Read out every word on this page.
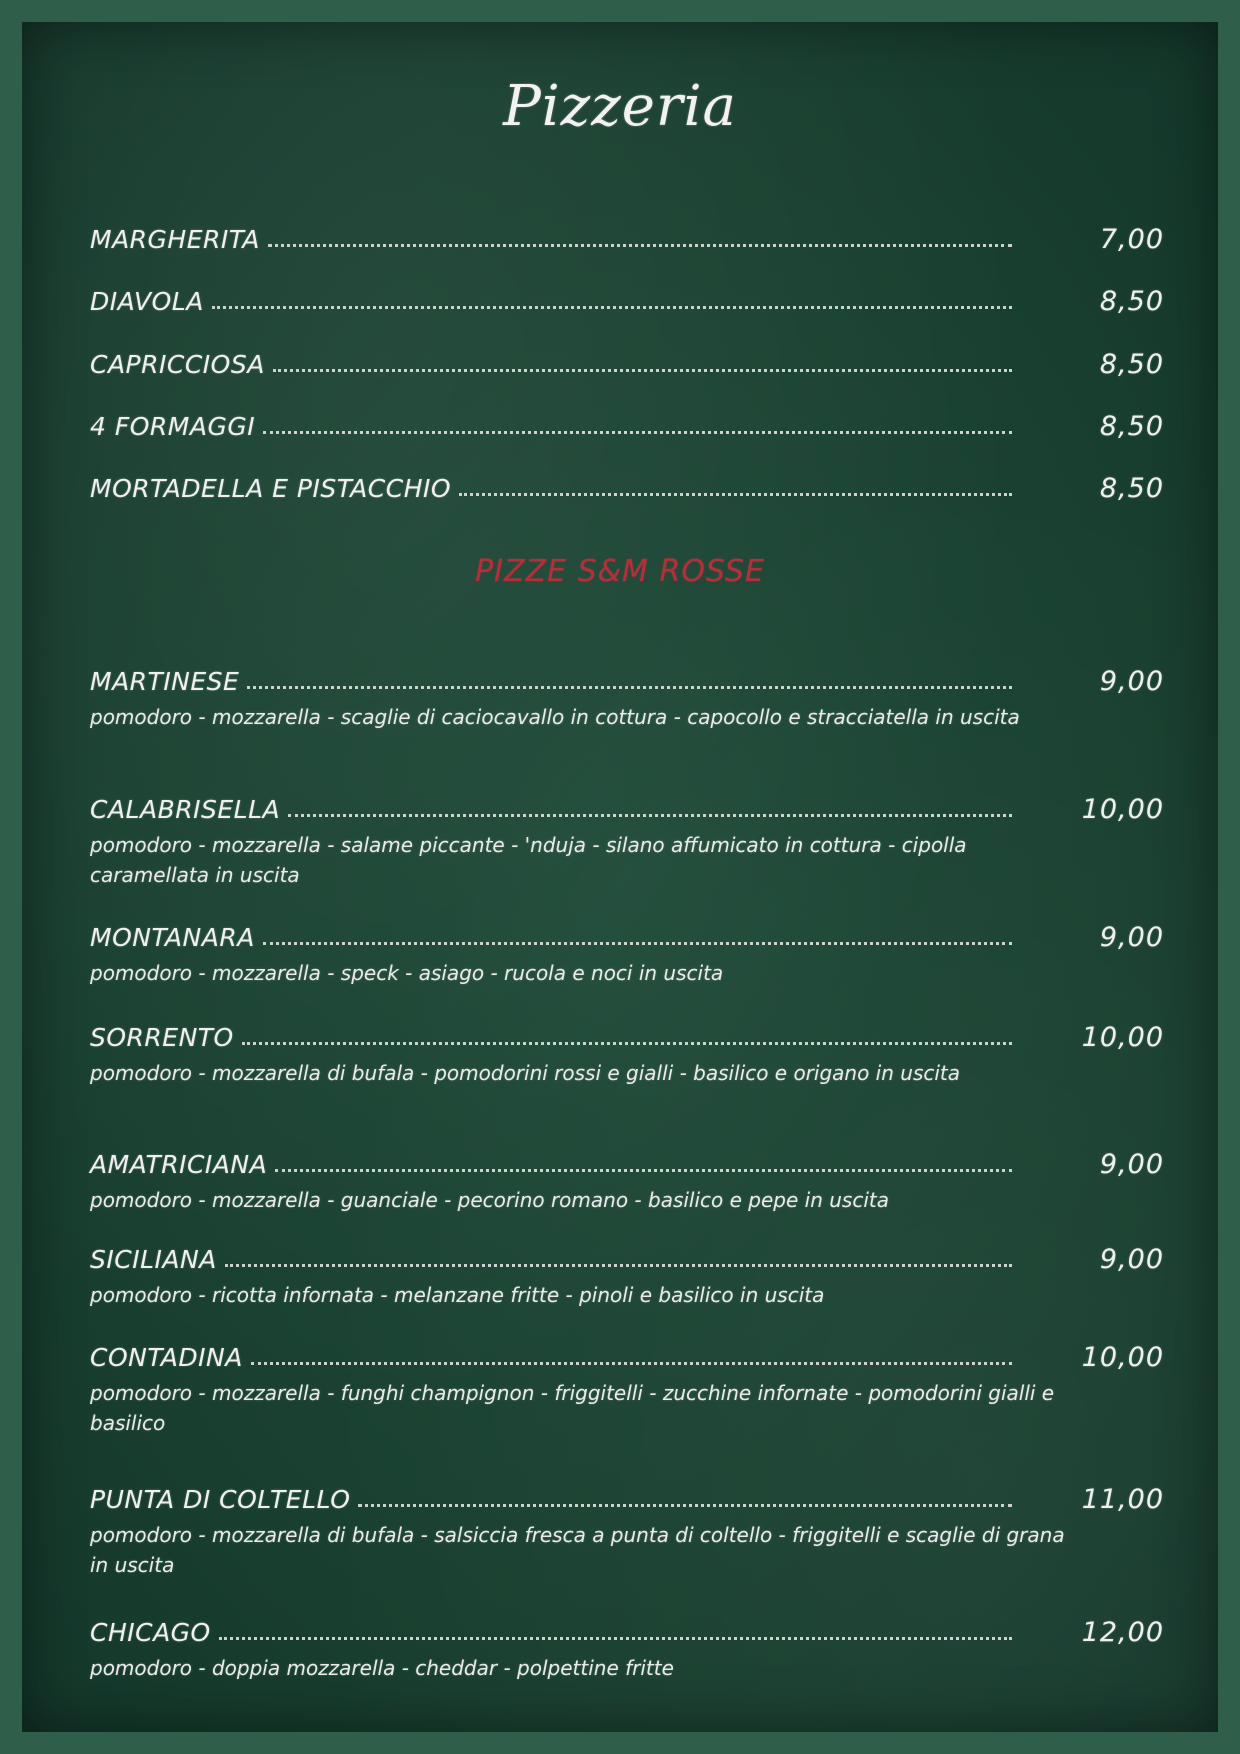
Pizzeria
MARGHERITA	7,00
DIAVOLA	8,50
CAPRICCIOSA	8,50
4 FORMAGGI	8,50
MORTADELLA E PISTACCHIO	8,50
PIZZE S&M ROSSE
MARTINESE	9,00
pomodoro - mozzarella - scaglie di caciocavallo in cottura - capocollo e stracciatella in uscita
CALABRISELLA	10,00
pomodoro - mozzarella - salame piccante - 'nduja - silano affumicato in cottura - cipolla caramellata in uscita
MONTANARA	9,00
pomodoro - mozzarella - speck - asiago - rucola e noci in uscita
SORRENTO	10,00
pomodoro - mozzarella di bufala - pomodorini rossi e gialli - basilico e origano in uscita
AMATRICIANA	9,00
pomodoro - mozzarella - guanciale - pecorino romano - basilico e pepe in uscita
SICILIANA	9,00
pomodoro - ricotta infornata - melanzane fritte - pinoli e basilico in uscita
CONTADINA	10,00
pomodoro - mozzarella - funghi champignon - friggitelli - zucchine infornate - pomodorini gialli e basilico
PUNTA DI COLTELLO	11,00
pomodoro - mozzarella di bufala - salsiccia fresca a punta di coltello - friggitelli e scaglie di grana in uscita
CHICAGO	12,00
pomodoro - doppia mozzarella - cheddar - polpettine fritte
